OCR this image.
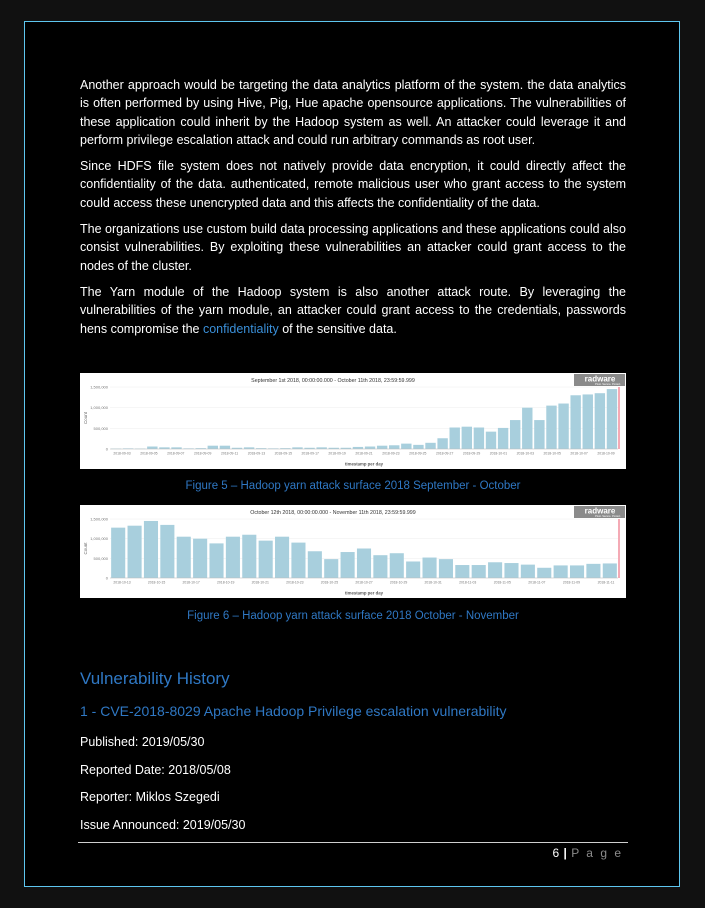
Another approach would be targeting the data analytics platform of the system. the data analytics is often performed by using Hive, Pig, Hue apache opensource applications. The vulnerabilities of these application could inherit by the Hadoop system as well. An attacker could leverage it and perform privilege escalation attack and could run arbitrary commands as root user.

Since HDFS file system does not natively provide data encryption, it could directly affect the confidentiality of the data. authenticated, remote malicious user who grant access to the system could access these unencrypted data and this affects the confidentiality of the data.

The organizations use custom build data processing applications and these applications could also consist vulnerabilities. By exploiting these vulnerabilities an attacker could grant access to the nodes of the cluster.

The Yarn module of the Hadoop system is also another attack route. By leveraging the vulnerabilities of the yarn module, an attacker could grant access to the credentials, passwords hens compromise the confidentiality of the sensitive data.

September 1st 2018, 00:00:00.000 - October 11th 2018, 23:59:59.999	radware
Pivot. Secure. Protect.
1,500,000
1,000,000
500,000
0
Count
2018-09-03	2018-09-05	2018-09-07	2018-09-09	2018-09-11	2018-09-13	2018-09-15	2018-09-17	2018-09-19	2018-09-21	2018-09-23	2018-09-25	2018-09-27	2018-09-29	2018-10-01	2018-10-03	2018-10-05	2018-10-07	2018-10-09
timestamp per day
Figure 5 – Hadoop yarn attack surface 2018 September - October
October 12th 2018, 00:00:00.000 - November 11th 2018, 23:59:59.999	radware
Pivot. Secure. Protect.
1,500,000
1,000,000
500,000
0
Count
2018-10-13	2018-10-15	2018-10-17	2018-10-19	2018-10-21	2018-10-23	2018-10-25	2018-10-27	2018-10-29	2018-10-31	2018-11-03	2018-11-05	2018-11-07	2018-11-09	2018-11-11
timestamp per day
Figure 6 – Hadoop yarn attack surface 2018 October - November
Vulnerability History
1 - CVE-2018-8029 Apache Hadoop Privilege escalation vulnerability
Published: 2019/05/30
Reported Date: 2018/05/08
Reporter: Miklos Szegedi
Issue Announced: 2019/05/30
6 | P a g e
